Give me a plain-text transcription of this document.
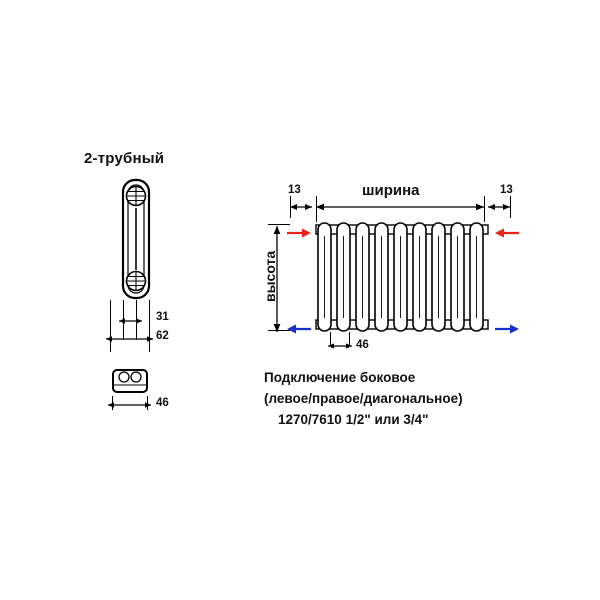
2-трубный
31
62
46
13	ширина	13
высота
46
Подключение боковое
(левое/правое/диагональное)
1270/7610 1/2" или 3/4"
